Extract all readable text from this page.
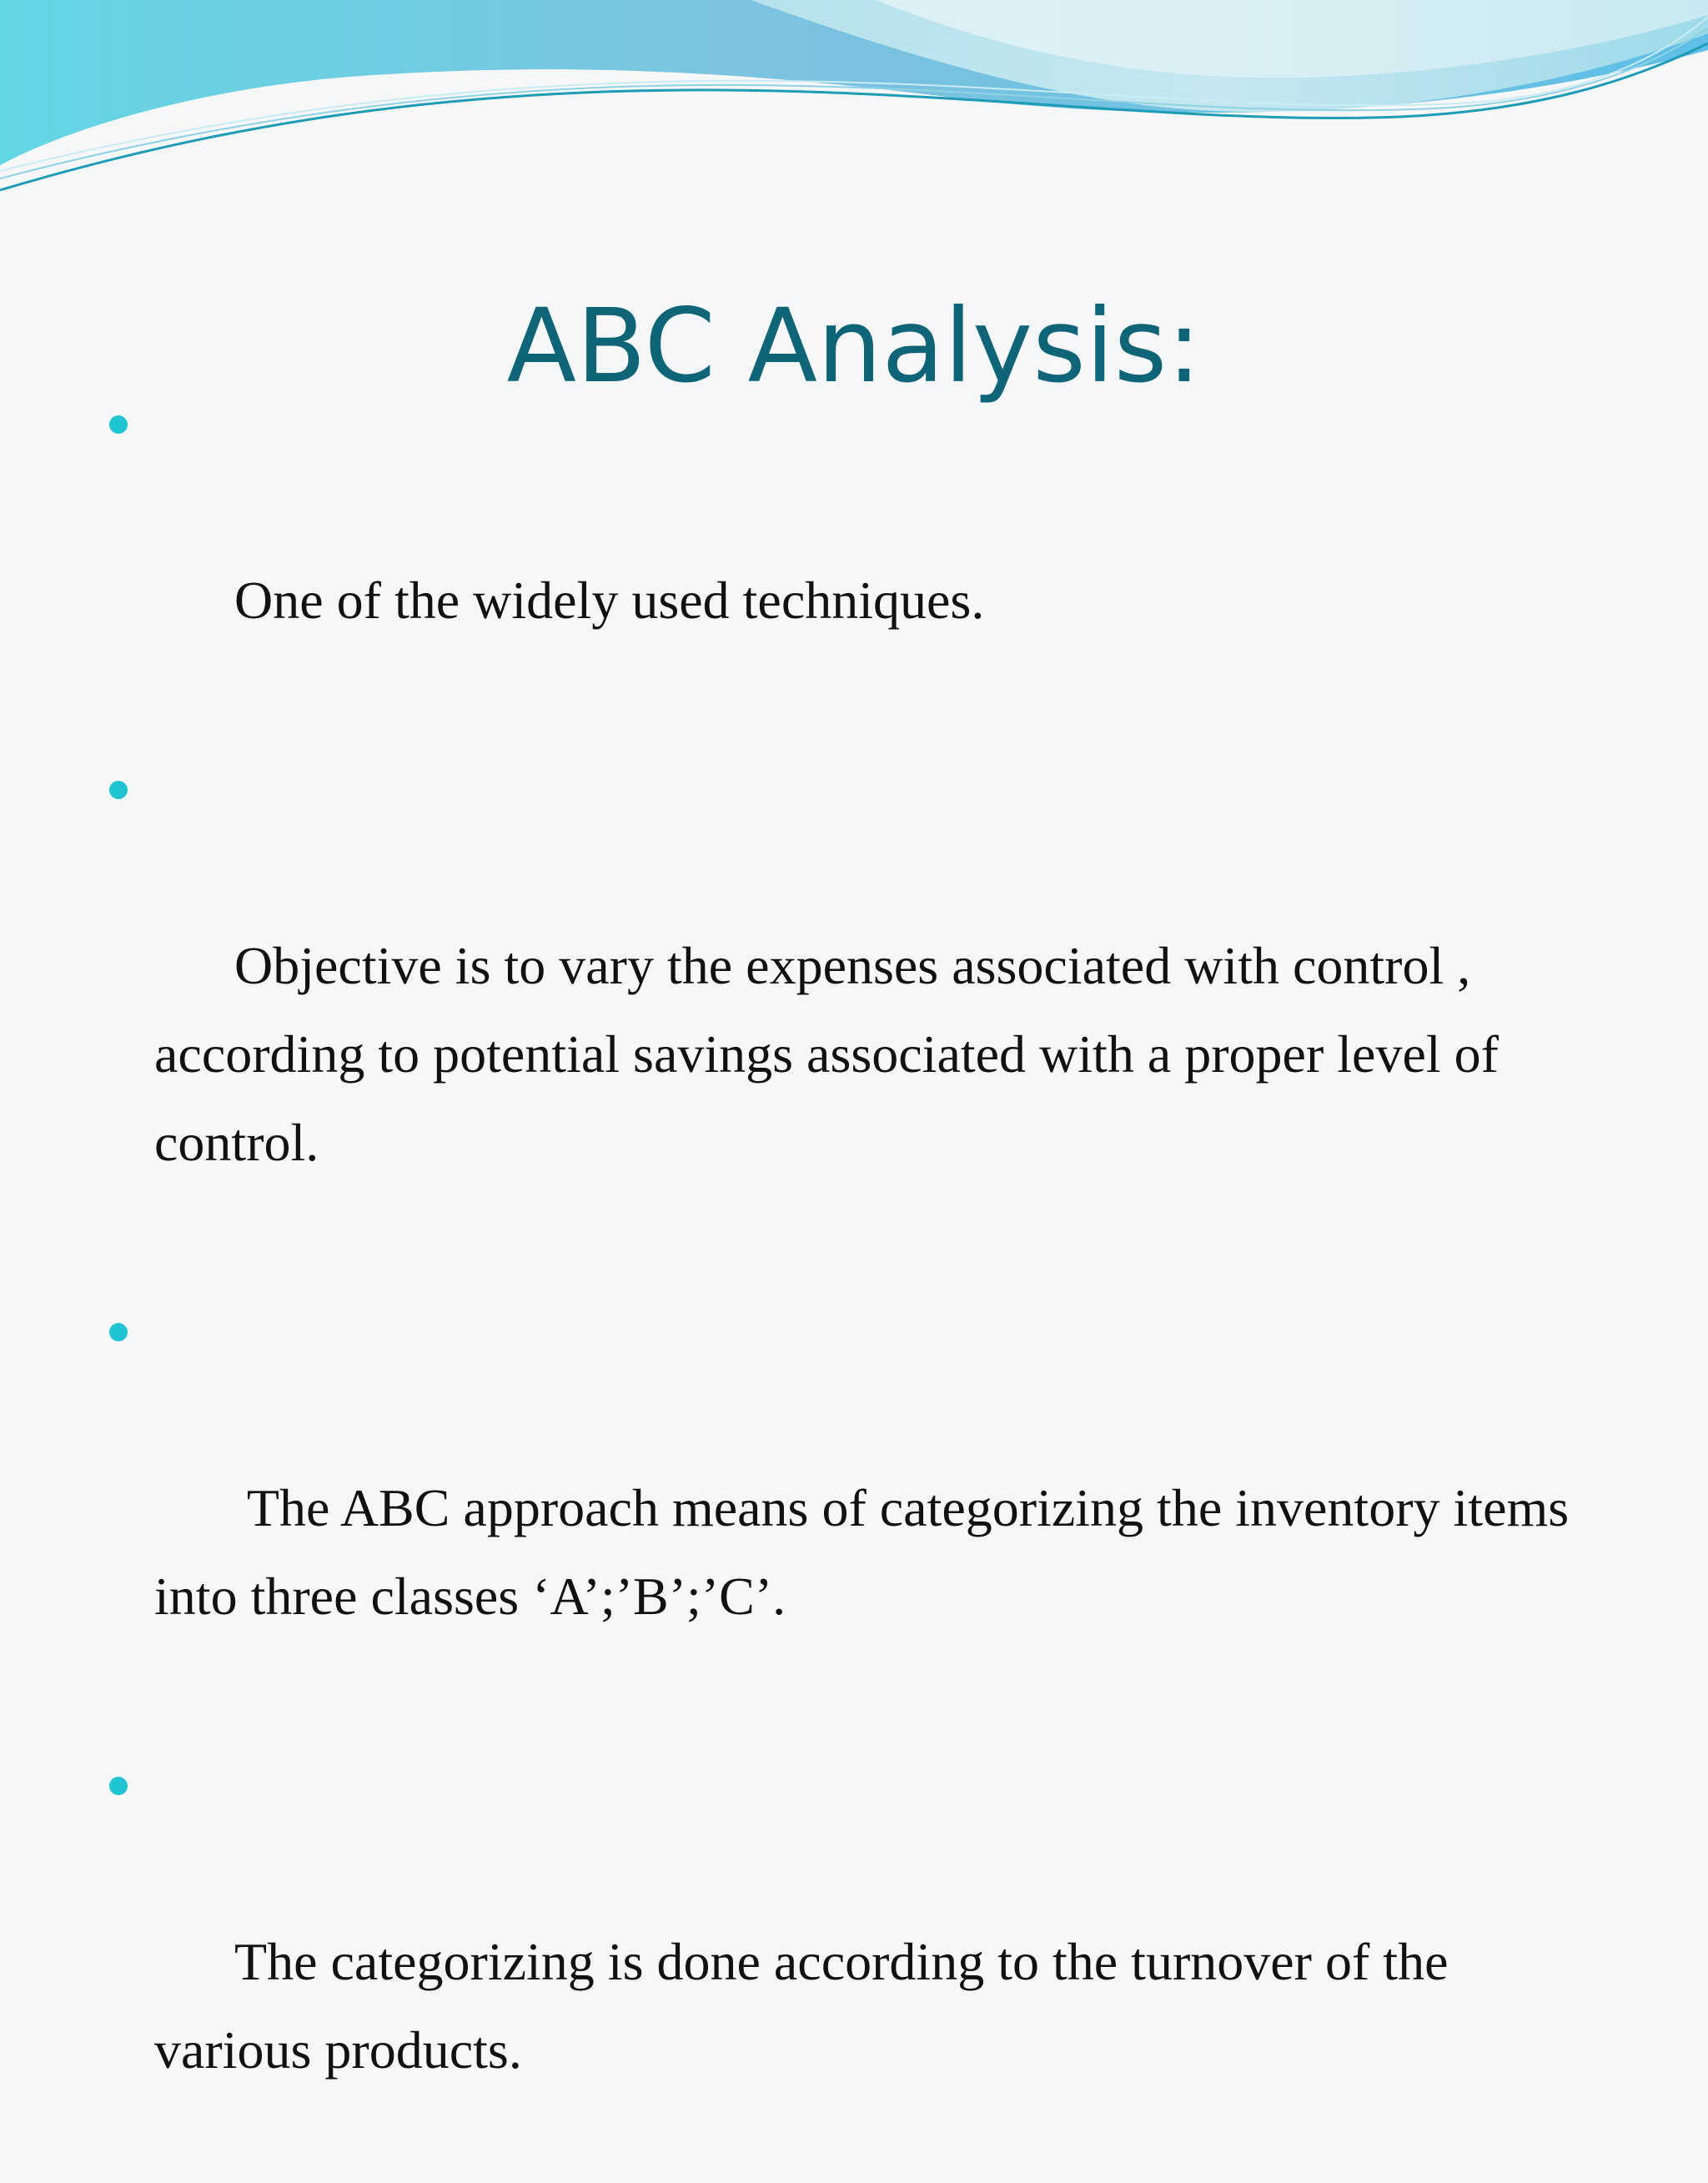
ABC Analysis:

One of the widely used techniques.

Objective is to vary the expenses associated with control , according to potential savings associated with a proper level of control.

The ABC approach means of categorizing the inventory items into three classes ‘A’;’B’;’C’.

The categorizing is done according to the turnover of the various products.
